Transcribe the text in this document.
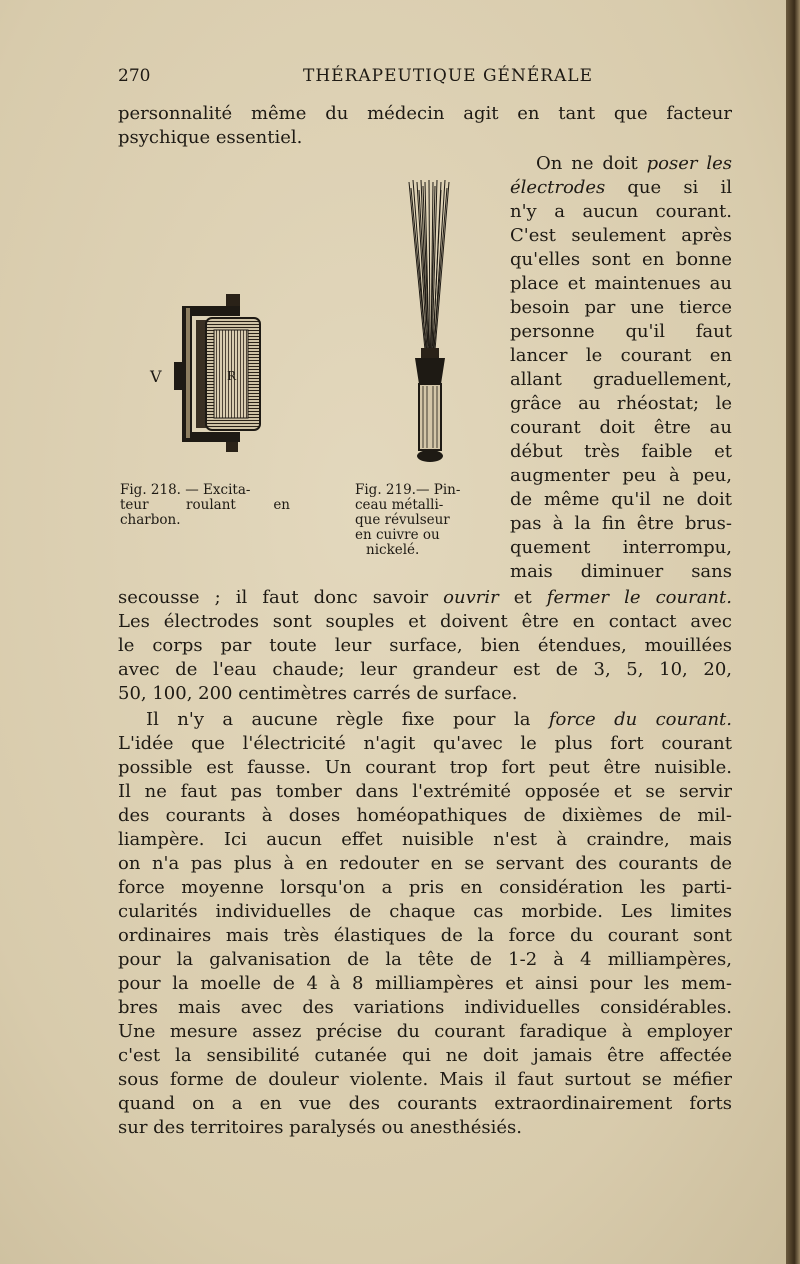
270	THÉRAPEUTIQUE GÉNÉRALE
personnalité même du médecin agit en tant que facteur
psychique essentiel.
On ne doit poser les
électrodes que si il
n'y a aucun courant.
C'est seulement après
qu'elles sont en bonne
place et maintenues au
besoin par une tierce
personne qu'il faut
lancer le courant en
allant graduellement,
grâce au rhéostat; le
courant doit être au
début très faible et
augmenter peu à peu,
de même qu'il ne doit
pas à la fin être brus-
quement interrompu,
mais diminuer sans
R
V
Fig. 218. — Excita-
teur roulant en
charbon.
Fig. 219.— Pin-
ceau métalli-
que révulseur
en cuivre ou
nickelé.
secousse ; il faut donc savoir ouvrir et fermer le courant.
Les électrodes sont souples et doivent être en contact avec
le corps par toute leur surface, bien étendues, mouillées
avec de l'eau chaude; leur grandeur est de 3, 5, 10, 20,
50, 100, 200 centimètres carrés de surface.
Il n'y a aucune règle fixe pour la force du courant.
L'idée que l'électricité n'agit qu'avec le plus fort courant
possible est fausse. Un courant trop fort peut être nuisible.
Il ne faut pas tomber dans l'extrémité opposée et se servir
des courants à doses homéopathiques de dixièmes de mil-
liampère. Ici aucun effet nuisible n'est à craindre, mais
on n'a pas plus à en redouter en se servant des courants de
force moyenne lorsqu'on a pris en considération les parti-
cularités individuelles de chaque cas morbide. Les limites
ordinaires mais très élastiques de la force du courant sont
pour la galvanisation de la tête de 1-2 à 4 milliampères,
pour la moelle de 4 à 8 milliampères et ainsi pour les mem-
bres mais avec des variations individuelles considérables.
Une mesure assez précise du courant faradique à employer
c'est la sensibilité cutanée qui ne doit jamais être affectée
sous forme de douleur violente. Mais il faut surtout se méfier
quand on a en vue des courants extraordinairement forts
sur des territoires paralysés ou anesthésiés.
